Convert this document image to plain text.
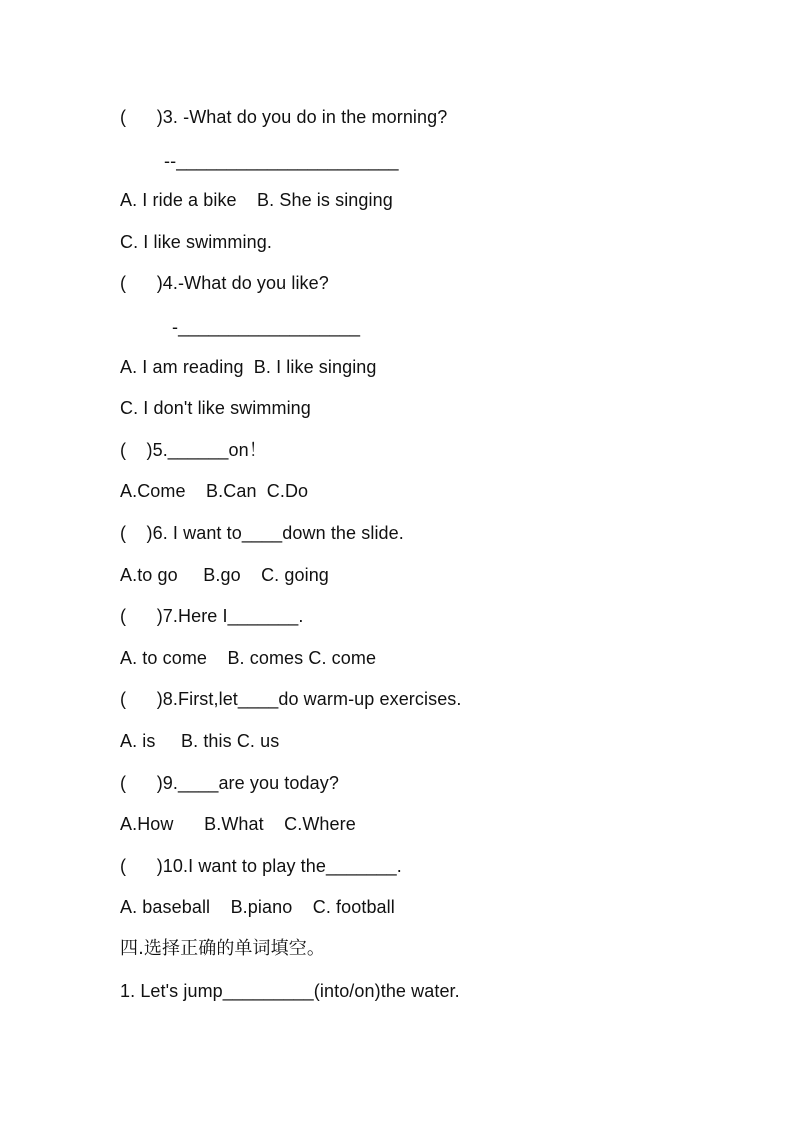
(      )3. -What do you do in the morning?
--______________________
A. I ride a bike    B. She is singing
C. I like swimming.
(      )4.-What do you like?
-__________________
A. I am reading  B. I like singing
C. I don't like swimming
(    )5.______on！
A.Come    B.Can  C.Do
(    )6. I want to____down the slide.
A.to go     B.go    C. going
(      )7.Here I_______.
A. to come    B. comes C. come
(      )8.First,let____do warm-up exercises.
A. is     B. this C. us
(      )9.____are you today?
A.How      B.What    C.Where
(      )10.I want to play the_______.
A. baseball    B.piano    C. football
四.选择正确的单词填空。
1. Let's jump_________(into/on)the water.
